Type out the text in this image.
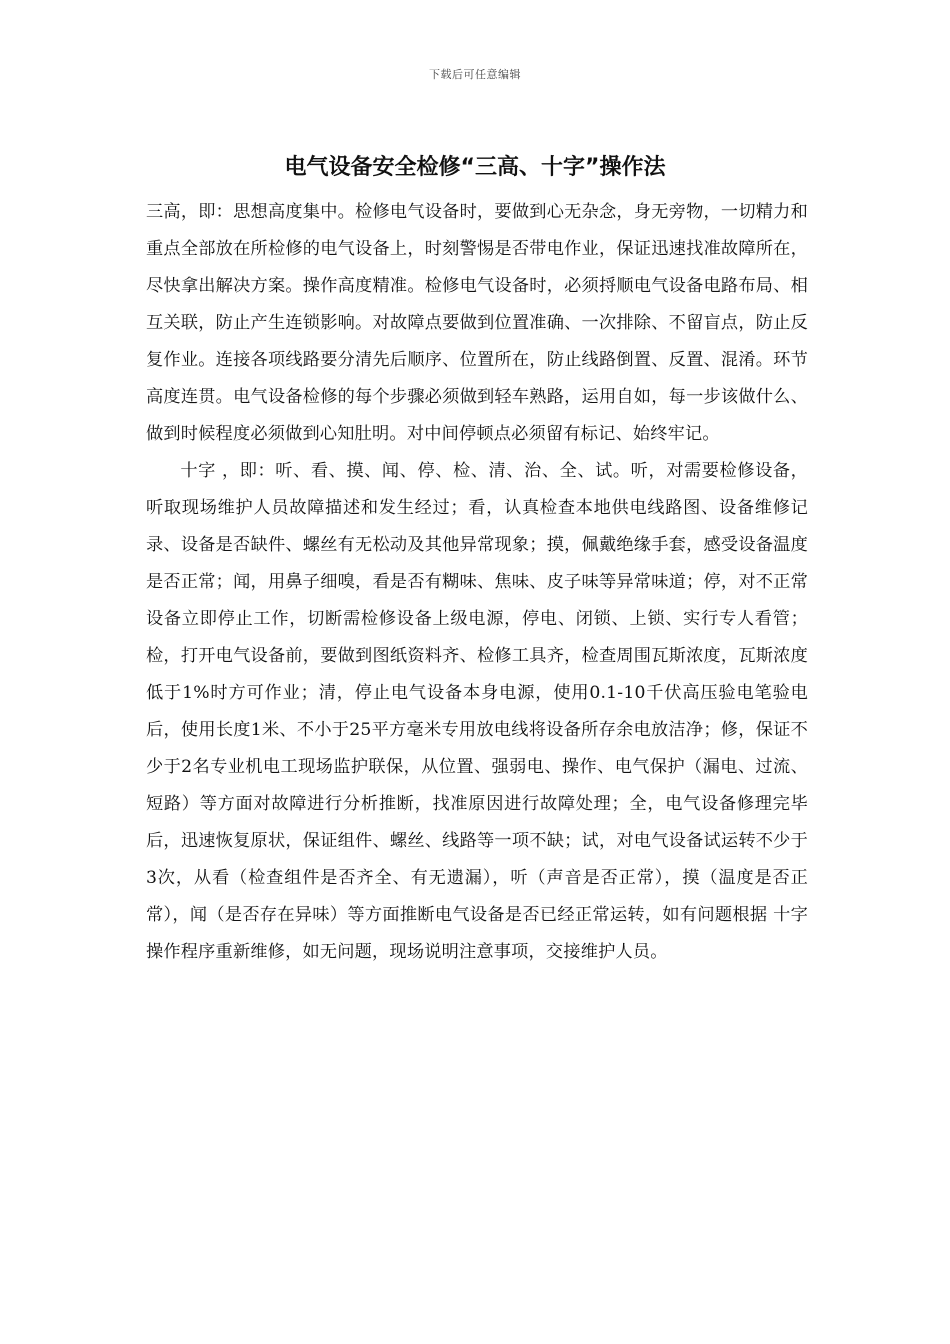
下载后可任意编辑
电气设备安全检修“三高、十字”操作法

三高，即：思想高度集中。检修电气设备时，要做到心无杂念，身无旁物，一切精力和重点全部放在所检修的电气设备上，时刻警惕是否带电作业，保证迅速找准故障所在，尽快拿出解决方案。操作高度精准。检修电气设备时，必须捋顺电气设备电路布局、相互关联，防止产生连锁影响。对故障点要做到位置准确、一次排除、不留盲点，防止反复作业。连接各项线路要分清先后顺序、位置所在，防止线路倒置、反置、混淆。环节高度连贯。电气设备检修的每个步骤必须做到轻车熟路，运用自如，每一步该做什么、做到时候程度必须做到心知肚明。对中间停顿点必须留有标记、始终牢记。

十字 ，即：听、看、摸、闻、停、检、清、治、全、试。听，对需要检修设备，听取现场维护人员故障描述和发生经过；看，认真检查本地供电线路图、设备维修记录、设备是否缺件、螺丝有无松动及其他异常现象；摸，佩戴绝缘手套，感受设备温度是否正常；闻，用鼻子细嗅，看是否有糊味、焦味、皮子味等异常味道；停，对不正常设备立即停止工作，切断需检修设备上级电源，停电、闭锁、上锁、实行专人看管；检，打开电气设备前，要做到图纸资料齐、检修工具齐，检查周围瓦斯浓度，瓦斯浓度低于1%时方可作业；清，停止电气设备本身电源，使用0.1-10千伏高压验电笔验电后，使用长度1米、不小于25平方毫米专用放电线将设备所存余电放洁净；修，保证不少于2名专业机电工现场监护联保，从位置、强弱电、操作、电气保护（漏电、过流、短路）等方面对故障进行分析推断，找准原因进行故障处理；全，电气设备修理完毕后，迅速恢复原状，保证组件、螺丝、线路等一项不缺；试，对电气设备试运转不少于3次，从看（检查组件是否齐全、有无遗漏），听（声音是否正常），摸（温度是否正常），闻（是否存在异味）等方面推断电气设备是否已经正常运转，如有问题根据 十字 操作程序重新维修，如无问题，现场说明注意事项，交接维护人员。
